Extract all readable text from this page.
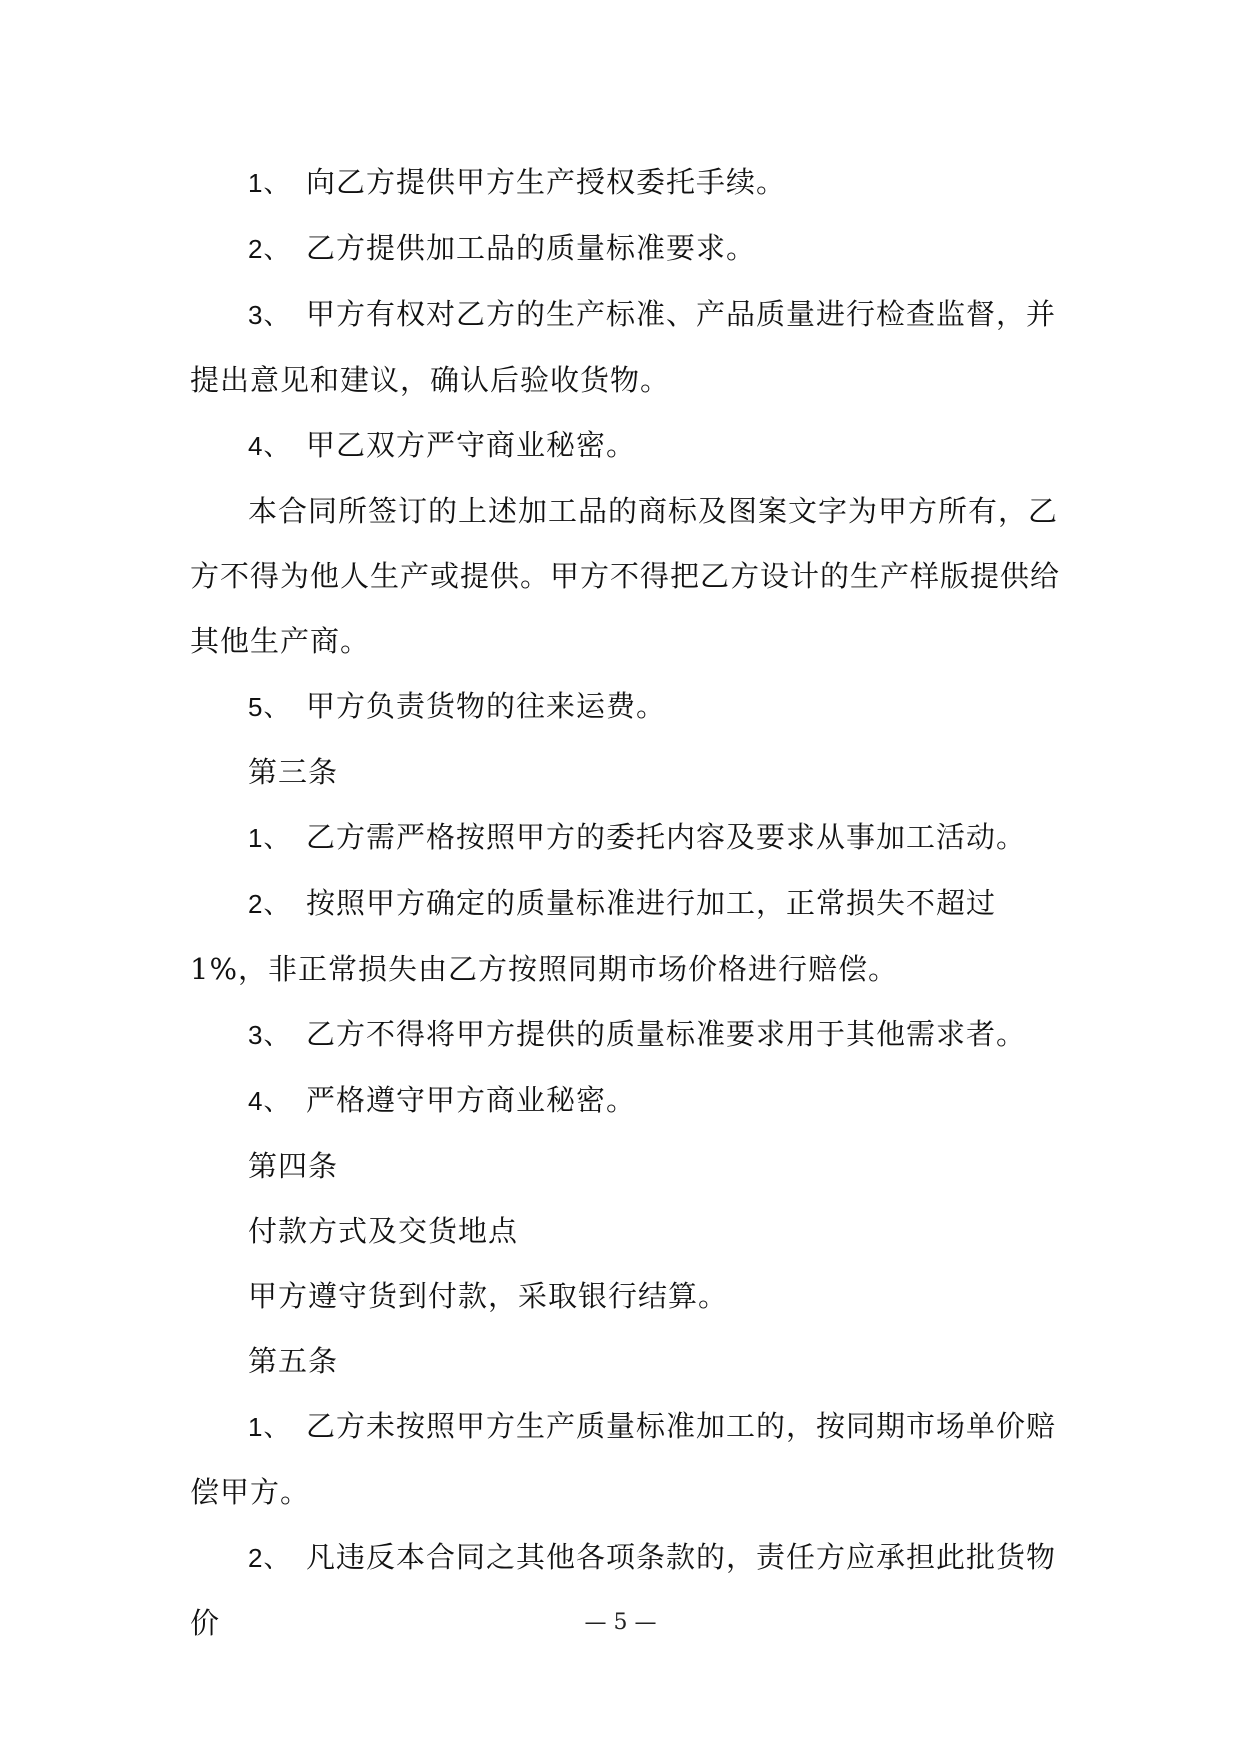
1、 向乙方提供甲方生产授权委托手续。

2、 乙方提供加工品的质量标准要求。

3、 甲方有权对乙方的生产标准、产品质量进行检查监督，并提出意见和建议，确认后验收货物。

4、 甲乙双方严守商业秘密。

本合同所签订的上述加工品的商标及图案文字为甲方所有，乙方不得为他人生产或提供。甲方不得把乙方设计的生产样版提供给其他生产商。

5、 甲方负责货物的往来运费。

第三条

1、 乙方需严格按照甲方的委托内容及要求从事加工活动。

2、 按照甲方确定的质量标准进行加工，正常损失不超过 1%，非正常损失由乙方按照同期市场价格进行赔偿。

3、 乙方不得将甲方提供的质量标准要求用于其他需求者。

4、 严格遵守甲方商业秘密。

第四条

付款方式及交货地点

甲方遵守货到付款，采取银行结算。

第五条

1、 乙方未按照甲方生产质量标准加工的，按同期市场单价赔偿甲方。

2、 凡违反本合同之其他各项条款的，责任方应承担此批货物价	— 5 —
